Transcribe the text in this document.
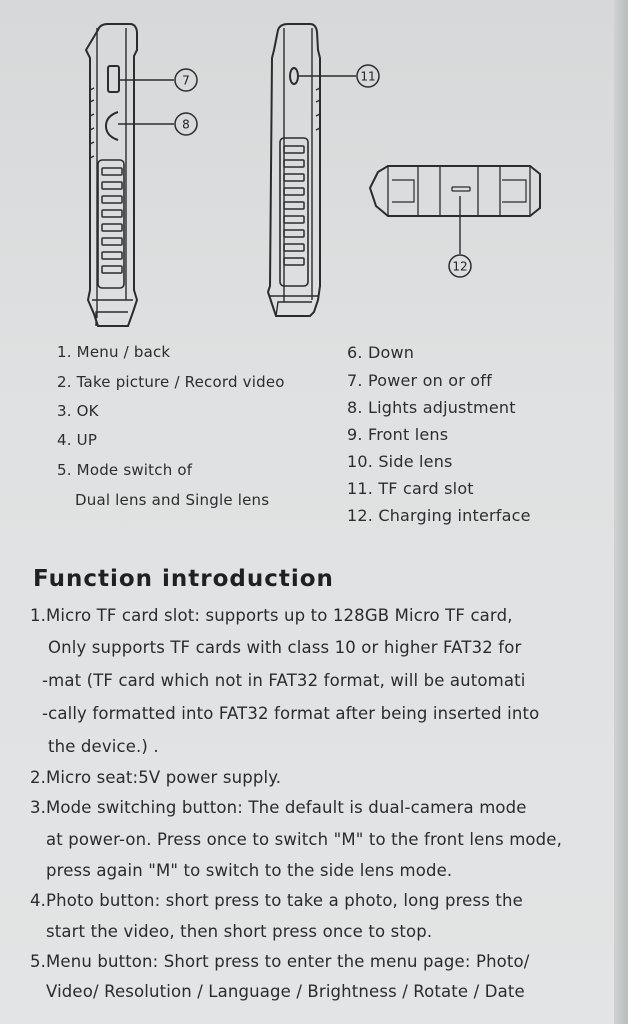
7
8
11
12
1. Menu / back
2. Take picture / Record video
3. OK
4. UP
5. Mode switch of
Dual lens and Single lens
6. Down
7. Power on or off
8. Lights adjustment
9. Front lens
10. Side lens
11. TF card slot
12. Charging interface
Function introduction
1.Micro TF card slot: supports up to 128GB Micro TF card,
Only supports TF cards with class 10 or higher FAT32 for
-mat (TF card which not in FAT32 format, will be automati
-cally formatted into FAT32 format after being inserted into
the device.) .
2.Micro seat:5V power supply.
3.Mode switching button: The default is dual-camera mode
at power-on. Press once to switch "M" to the front lens mode,
press again "M" to switch to the side lens mode.
4.Photo button: short press to take a photo, long press the
start the video, then short press once to stop.
5.Menu button: Short press to enter the menu page: Photo/
Video/ Resolution / Language / Brightness / Rotate / Date
